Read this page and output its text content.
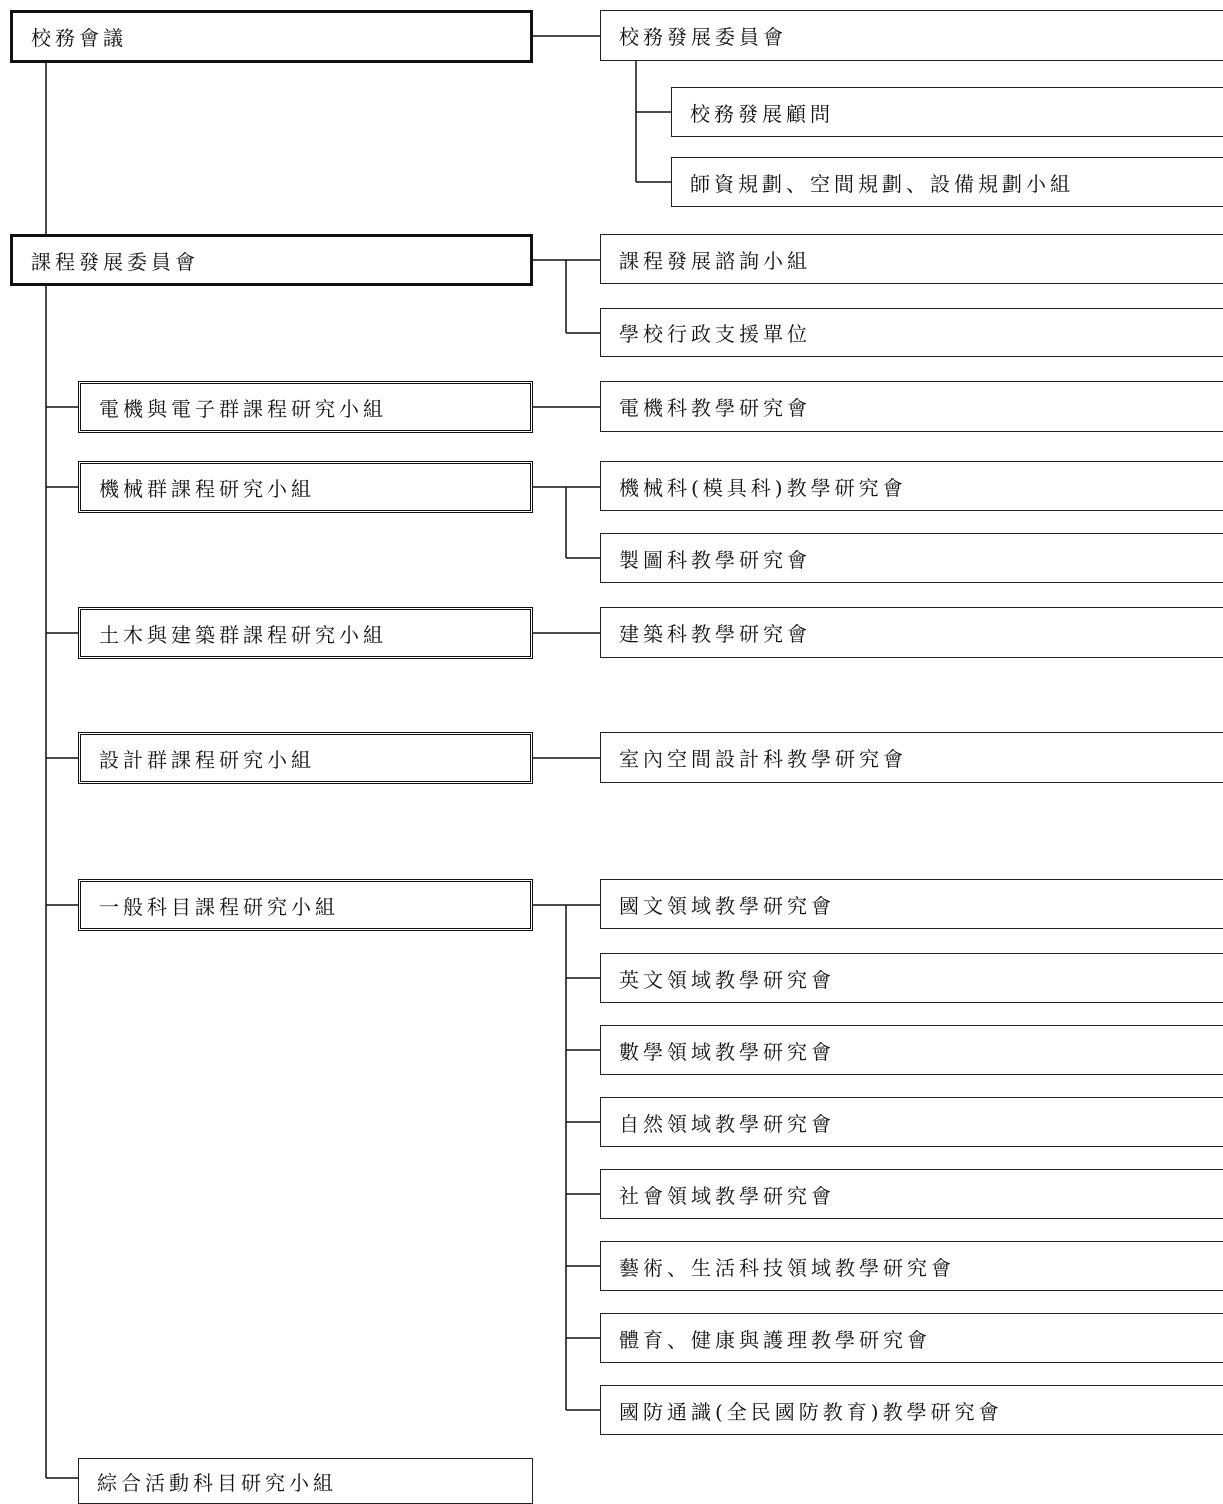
校務會議
課程發展委員會
電機與電子群課程研究小組
機械群課程研究小組
土木與建築群課程研究小組
設計群課程研究小組
一般科目課程研究小組
綜合活動科目研究小組
校務發展委員會
校務發展顧問
師資規劃、空間規劃、設備規劃小組
課程發展諮詢小組
學校行政支援單位
電機科教學研究會
機械科(模具科)教學研究會
製圖科教學研究會
建築科教學研究會
室內空間設計科教學研究會
國文領域教學研究會
英文領域教學研究會
數學領域教學研究會
自然領域教學研究會
社會領域教學研究會
藝術、生活科技領域教學研究會
體育、健康與護理教學研究會
國防通識(全民國防教育)教學研究會
